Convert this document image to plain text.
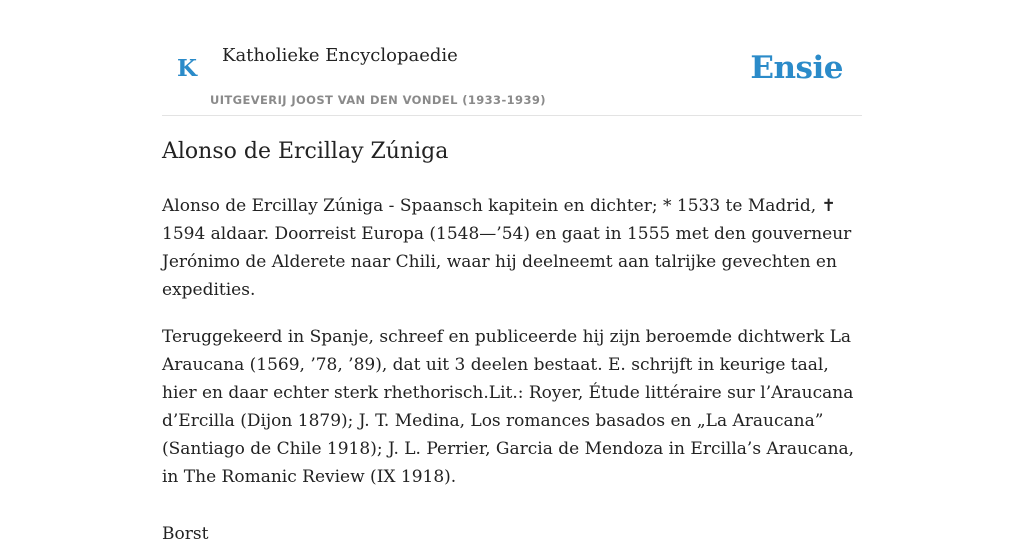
K Katholieke Encyclopaedie
UITGEVERIJ JOOST VAN DEN VONDEL (1933-1939)
Ensie
Alonso de Ercillay Zúniga

Alonso de Ercillay Zúniga - Spaansch kapitein en dichter; * 1533 te Madrid, ✝ 1594 aldaar. Doorreist Europa (1548—’54) en gaat in 1555 met den gouverneur Jerónimo de Alderete naar Chili, waar hij deelneemt aan talrijke gevechten en expedities.

Teruggekeerd in Spanje, schreef en publiceerde hij zijn beroemde dichtwerk La Araucana (1569, ’78, ’89), dat uit 3 deelen bestaat. E. schrijft in keurige taal, hier en daar echter sterk rhethorisch.Lit.: Royer, Étude littéraire sur l’Araucana d’Ercilla (Dijon 1879); J. T. Medina, Los romances basados en „La Araucana” (Santiago de Chile 1918); J. L. Perrier, Garcia de Mendoza in Ercilla’s Araucana, in The Romanic Review (IX 1918).

Borst
